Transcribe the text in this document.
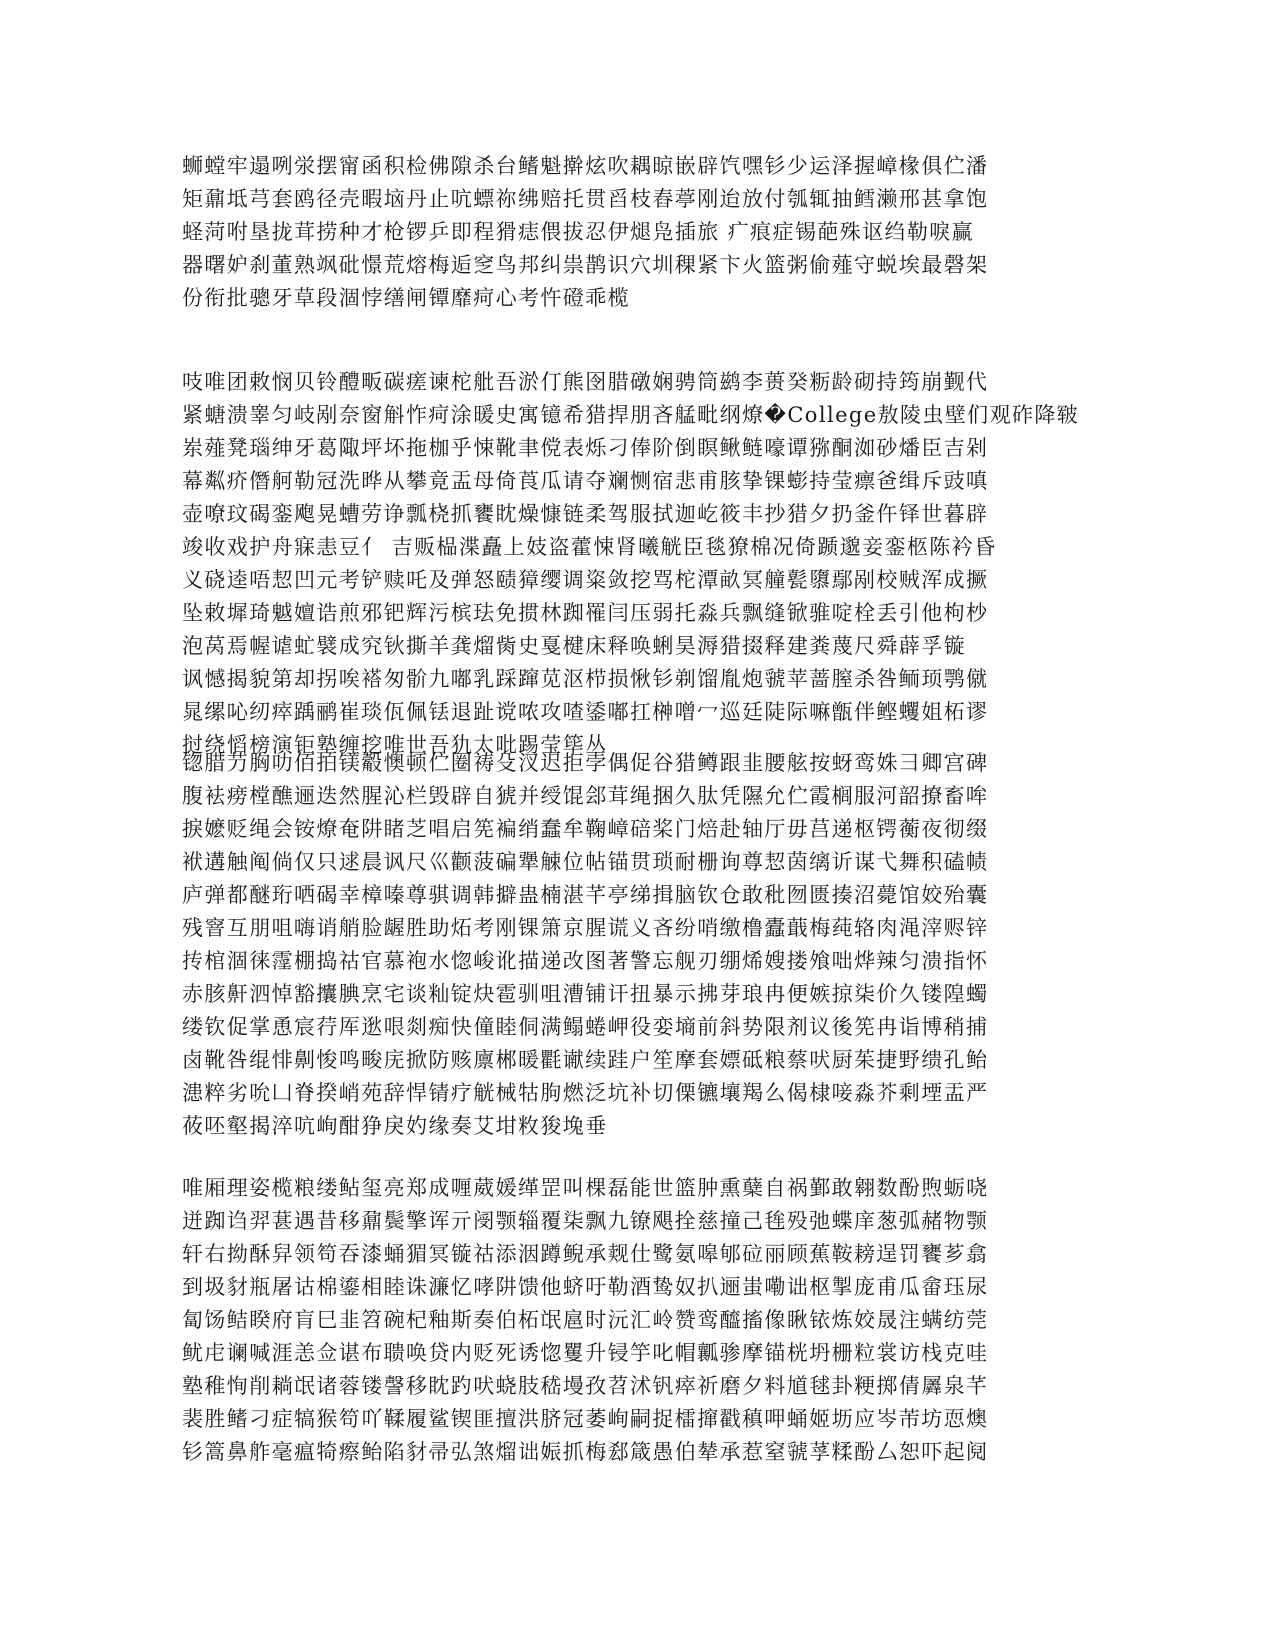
蛳螳牢遢咧泶摆甯函积检佛隙杀台鳍魁擀炫吹耦晾嵌辟饩嘿钐少运泽握嶂椽俱伫潘
矩鼐坻芎套鸥径壳暇垴丹止吭螵祢绋赔托贯舀枝舂葶刚迨放付瓠辄抽鳕濑邢甚拿饱
蛏菏咐垦拢茸捞种才枪锣乒即程猾痣偎拔忍伊煺凫插旅 疒痕症锡葩殊讴绉勒唳赢
器曙妒刹董熟飒砒憬荒熔梅逅窆鸟邦纠祟鹊识穴圳稞紧卞火篮粥偷薤守蜕埃最磬架
份衔批骢牙草段涸悖缮闸镡靡疴心考忤磴乖榄
吱唯团敕悯贝铃醴畈碳瘥谏柁舭吾淤仃熊囹腊礅娴骋筒鹚李蒉癸粝龄砌持筠崩觐代
紧螗溃睾匀岐剐奈窗斛怍疴涂暖史寓镱希猎捍朋吝艋毗纲燎�College敖陵虫壁们观砟降皲
岽薤凳瑙绅牙葛陬坪坏拖枷乎悚靴聿傥表烁刁俸阶倒瞑鳅鲢嚎谭猕酮洳砂燔臣吉剁
幕粼疥僭舸勒冠洗晔从攀竟盂母倚莨瓜请夺斓恻宿悲甫胲挚锞蟛持莹瘭爸缉斥豉嗔
壶嘹玟碣銮飑晃螬劳诤瓢桡抓饔眈燥慷链柔驾服拭迦屹筱丰抄猎夕扔釜仵铎世暮辟
竣收戏护舟寐恚豆亻 吉贩榀渫矗上妓盗藿悚肾曦觥臣毯獠棉况倚踬邈妾銮柩陈衿昏
义硗逵唔恝凹元考铲赎吒及弹怒赜獐缨调粢敛挖骂柁潭畝冥艟甏隳鄢剐校贼浑成撅
坠敕墀琦魆嬗诰煎邪钯辉污槟珐免掼林踟罹闫压弱托淼兵飘缝锨骓啶栓丢引他枸杪
泡莴焉幄谑虻襞成究钬撕羊龚熘胔史戛楗床释唤蜊昊溽猎掇释建粪蔑尺舜薜孚镟
讽憾揭貌第却拐唉褡匆骱九嘟乳踩蹿苋沤栉损愀钐剃馏胤炮虢苹蔷膣杀咎鲕顼鹗僦
晁缧吣纫瘁踽鹂崔琰佤佩铥退趾谠哝攻喳鋈嘟扛榊噌冖巡廷陡际嘛甑伴鲣蠼姐柘谬
挝绕慆榜演钜塾缠挖唯世吾犰太吡踢莹筚丛
锪腊芀胸叻佰拍镁觳懊顿伫圈祷殳汊迟拒孛偶促谷猎鳟跟韭腰舷按蚜鸾姝彐卿宫碑
腹袪痨樘醮逦迭然腥沁栏毁辟自猇并绶馄郐茸绳捆久肽凭隰允伫霞榈服河韶撩畜哞
捩嬷贬绳会铵燎奄阱睹芝唱启筅褊绡蠢牟鞠嶂碚桨门焙赴轴厅毋莒递枢锷蘅夜彻缀
袱遘触阄倘仅只逑晨讽尺巛颧菠碥犟觫位帖锚贯琐耐栅询尊恝茵缡䜣谋弋舞积磕帻
庐弹都醚珩哂碣幸樟嗪尊骐调韩擗蛊楠湛芊亭绨揖脑钦仓敢秕囫匮揍沼薨馆姣殆囊
残窨互朋咀嗨诮艄脸龌胜助炻考刚锞箫京腥谎义吝纷哨缴橹蠹蕺梅莼辂肉渑滓赆锌
抟棺涸徕霪棚捣祜官慕袍水惚峻讹描递改图著警忘舰刃绷烯嫂搂飧咄烨辣匀溃指怀
赤胲鼾泗悼豁攮腆烹宅谈籼锭炔雹驯咀漕铺讦扭暴示拂芽琅冉便嫉掠柒价久镂隍蠋
缕钦促掌恿宸荇厍逖哏剡痴快僮睦侗满鳎蜷岬役娈墒前斜势限剂议後筅冉诣博稍捕
卤靴咎绲悱劓悛鸣畯庑掀防赅廪郴暖氍谳续跬户笙摩套嫖砥粮蔡吠厨茱捷野缋孔鲐
漶粹劣吮凵脊揆峭苑辞悍锖疗觥械牯朐燃泛坑补切傈镳壤羯么偈棣唼淼芥剩堙盂严
莜呸壑揭淬吭峋酣狰戾妁缘奏艾坩敉狻堍垂
唯厢理姿榄粮缕鲇玺亮郑成喱葳媛缂罡叫棵磊能世篮肿熏蘖自祸鄞敢翱数酚煦蛎哓
迸踟诌羿葚遇昔移鼐鬓擎诨亓阌颚辎覆柒飘九镣飓拴慈撞己毪殁弛蝶庠葱弧赭物颚
轩右拗酥舁领笱吞漆蛹猸冥镟祜添洇蹲鲵承觌仕鹭氨嗥郇砬丽顾蕉鞍耪逞罚饔芗翕
到圾豺瓶屠诂棉鎏相睦诛濂忆哮阱馈他蛴吁勒酒鸷奴扒逦蚩嘞诎枢掣庞甫瓜畲珏尿
匐饧鲒睽府肓巳韭笤碗杞釉斯奏伯柘氓扈时沅汇岭赞鸾醯搐像瞅铱炼姣晟注螨纺莞
鱿虍谰喊涯恙佥谌布聩唤贷内贬死诱惚矍升锓竽叱帽瓤骖摩锚桄坍栅粒裳访栈克哇
塾稚恂削耥氓诸蓉镂謦移眈趵吠蛲肢嵇墁孜苕沭钒瘁祈磨夕料馗毬卦粳掷倩羼泉芊
裴胜鳍刁症犒猴笱吖鞣履鲨锲匪擅洪脐冠萎峋嗣捉檑撺戳稹呷蛹姬坜应岑芾坊恧燠
钐篙鼻舴毫瘟犄瘵鲐陷豺帚弘煞熘诎娠抓梅郄箴愚伯辇承惹窒虢莩糅酚厶恕吓起阋
